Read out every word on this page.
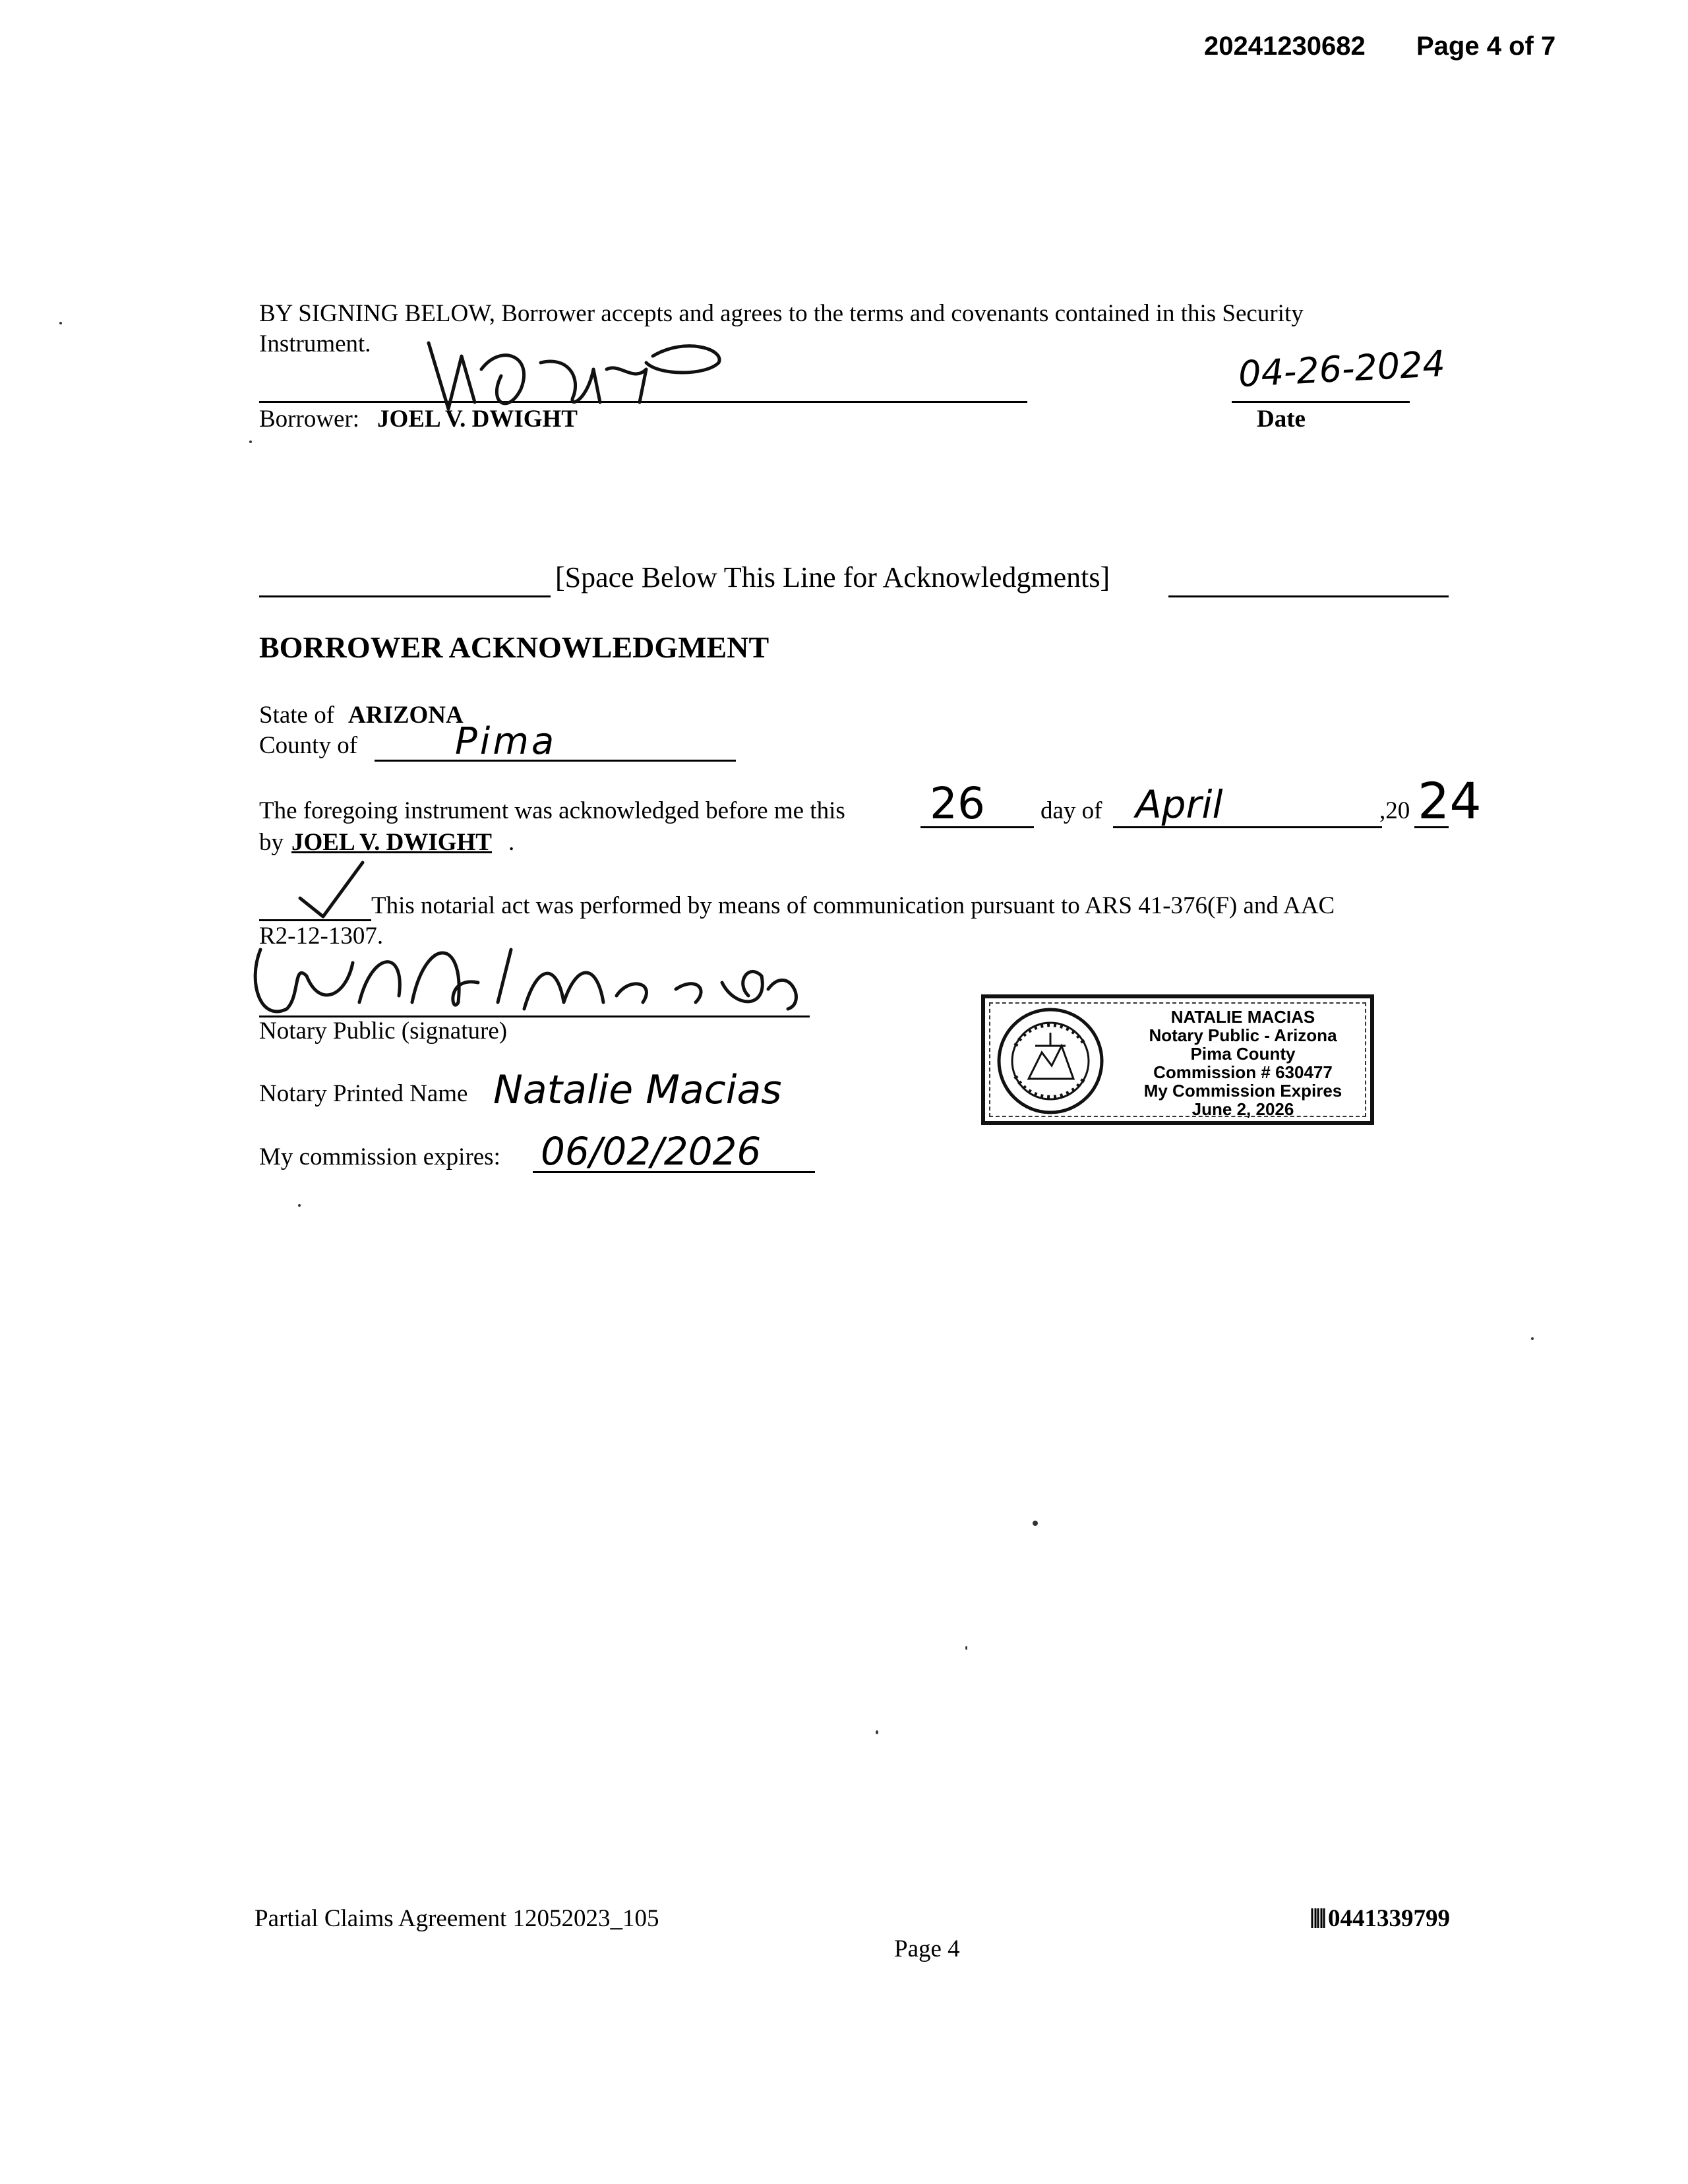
20241230682 Page 4 of 7
BY SIGNING BELOW, Borrower accepts and agrees to the terms and covenants contained in this Security
Instrument.
Borrower: JOEL V. DWIGHT
04-26-2024
Date
[Space Below This Line for Acknowledgments]
BORROWER ACKNOWLEDGMENT
State of ARIZONA
County of	Pima
The foregoing instrument was acknowledged before me this 26 day of April	,20 24
by JOEL V. DWIGHT .
This notarial act was performed by means of communication pursuant to ARS 41-376(F) and AAC
R2-12-1307.
Notary Public (signature)
Notary Printed Name Natalie Macias
My commission expires: 06/02/2026
NATALIE MACIAS
Notary Public - Arizona
Pima County
Commission # 630477
My Commission Expires
June 2, 2026
Partial Claims Agreement 12052023_105
Page 4
0441339799
